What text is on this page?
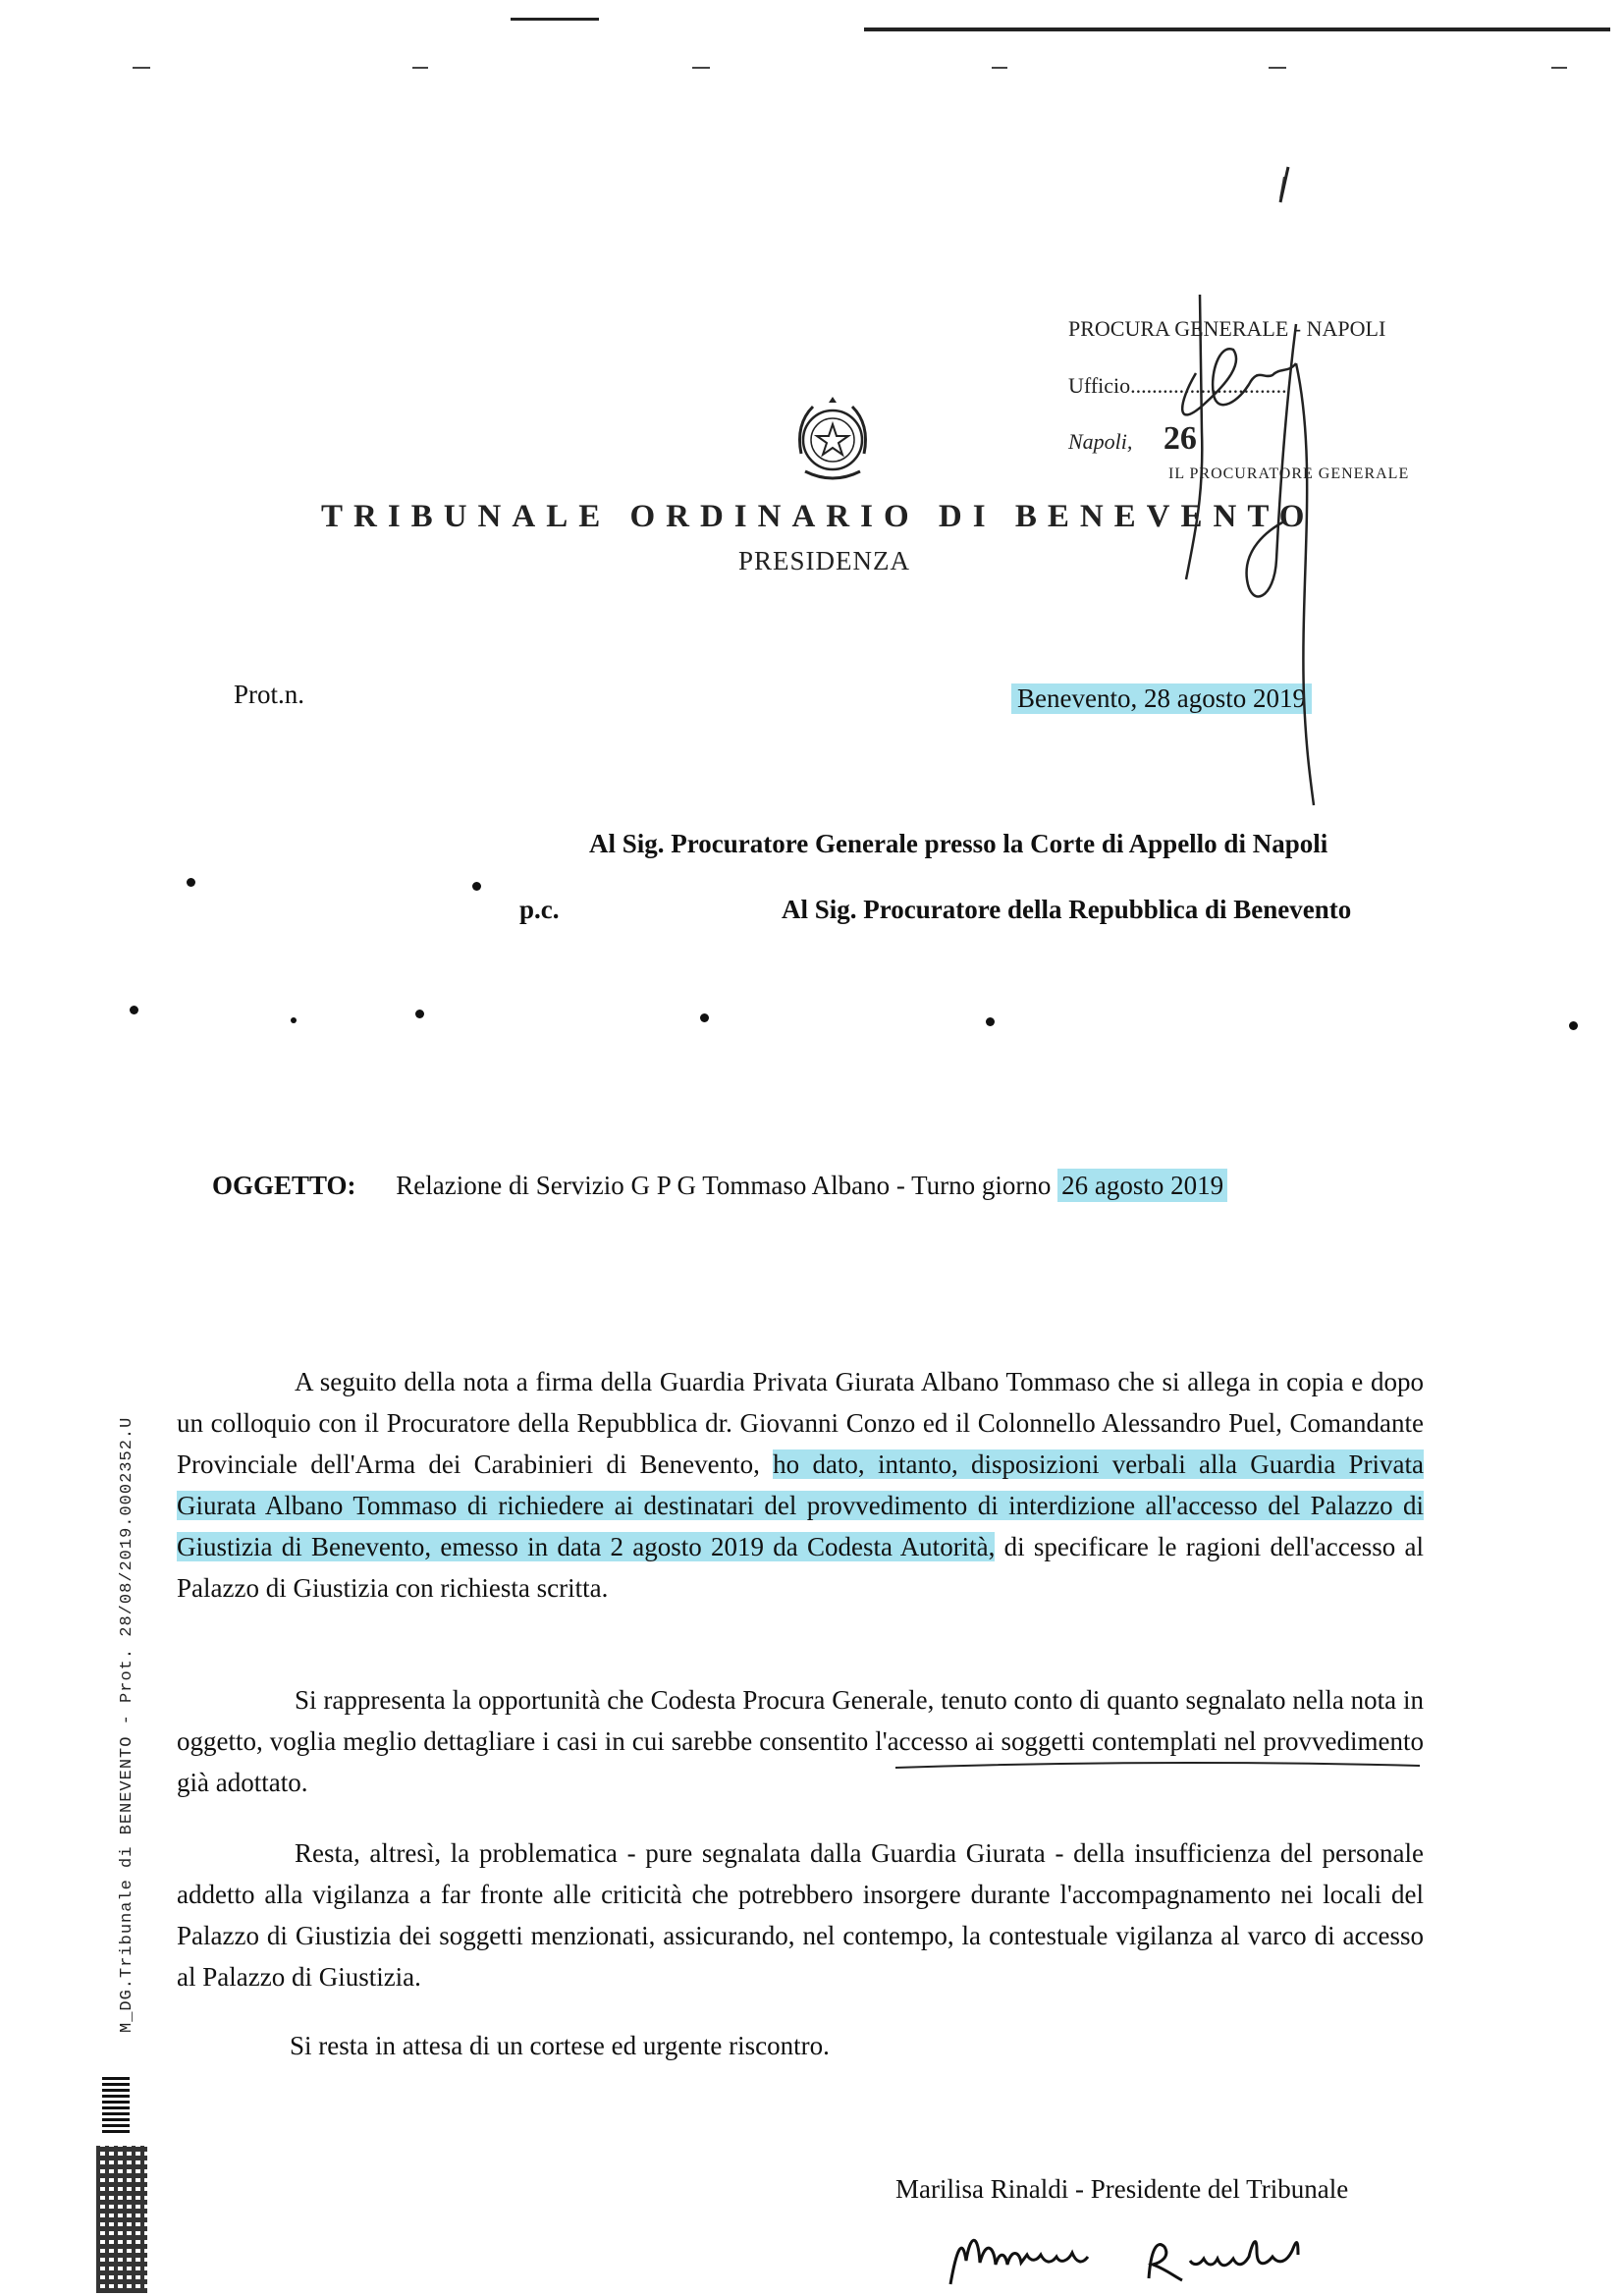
PROCURA GENERALE - NAPOLI
Ufficio.............................
Napoli, 26
IL PROCURATORE GENERALE
TRIBUNALE ORDINARIO DI BENEVENTO
PRESIDENZA
Prot.n.	Benevento, 28 agosto 2019
Al Sig. Procuratore Generale presso la Corte di Appello di Napoli
p.c.	Al Sig. Procuratore della Repubblica di Benevento
OGGETTO: Relazione di Servizio G P G Tommaso Albano - Turno giorno 26 agosto 2019
A seguito della nota a firma della Guardia Privata Giurata Albano Tommaso che si allega in copia e dopo un colloquio con il Procuratore della Repubblica dr. Giovanni Conzo ed il Colonnello Alessandro Puel, Comandante Provinciale dell'Arma dei Carabinieri di Benevento, ho dato, intanto, disposizioni verbali alla Guardia Privata Giurata Albano Tommaso di richiedere ai destinatari del provvedimento di interdizione all'accesso del Palazzo di Giustizia di Benevento, emesso in data 2 agosto 2019 da Codesta Autorità, di specificare le ragioni dell'accesso al Palazzo di Giustizia con richiesta scritta.
Si rappresenta la opportunità che Codesta Procura Generale, tenuto conto di quanto segnalato nella nota in oggetto, voglia meglio dettagliare i casi in cui sarebbe consentito l'accesso ai soggetti contemplati nel provvedimento già adottato.
Resta, altresì, la problematica - pure segnalata dalla Guardia Giurata - della insufficienza del personale addetto alla vigilanza a far fronte alle criticità che potrebbero insorgere durante l'accompagnamento nei locali del Palazzo di Giustizia dei soggetti menzionati, assicurando, nel contempo, la contestuale vigilanza al varco di accesso al Palazzo di Giustizia.
Si resta in attesa di un cortese ed urgente riscontro.
Marilisa Rinaldi - Presidente del Tribunale
M_DG.Tribunale di BENEVENTO - Prot. 28/08/2019.0002352.U
